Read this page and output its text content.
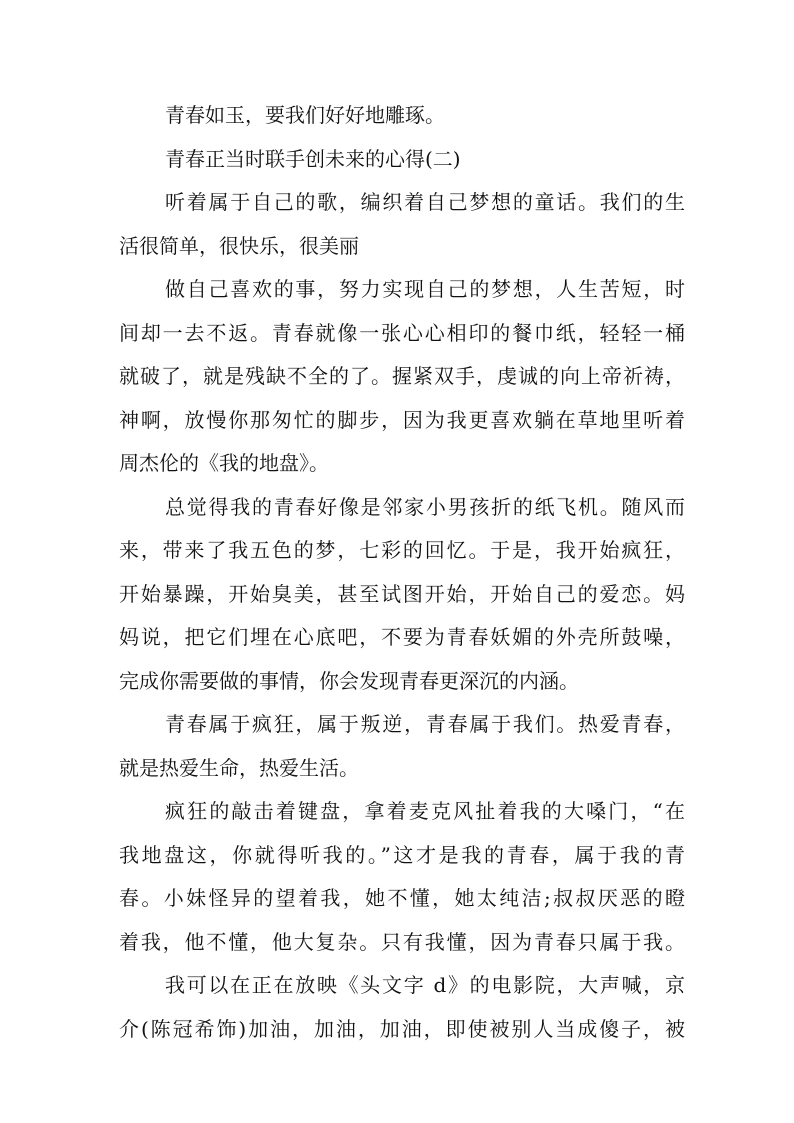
青春如玉，要我们好好地雕琢。
青春正当时联手创未来的心得(二)
听着属于自己的歌，编织着自己梦想的童话。我们的生
活很简单，很快乐，很美丽
做自己喜欢的事，努力实现自己的梦想，人生苦短，时
间却一去不返。青春就像一张心心相印的餐巾纸，轻轻一桶
就破了，就是残缺不全的了。握紧双手，虔诚的向上帝祈祷，
神啊，放慢你那匆忙的脚步，因为我更喜欢躺在草地里听着
周杰伦的《我的地盘》。
总觉得我的青春好像是邻家小男孩折的纸飞机。随风而
来，带来了我五色的梦，七彩的回忆。于是，我开始疯狂，
开始暴躁，开始臭美，甚至试图开始，开始自己的爱恋。妈
妈说，把它们埋在心底吧，不要为青春妖媚的外壳所鼓噪，
完成你需要做的事情，你会发现青春更深沉的内涵。
青春属于疯狂，属于叛逆，青春属于我们。热爱青春，
就是热爱生命，热爱生活。
疯狂的敲击着键盘，拿着麦克风扯着我的大嗓门，“在
我地盘这，你就得听我的。”这才是我的青春，属于我的青
春。小妹怪异的望着我，她不懂，她太纯洁;叔叔厌恶的瞪
着我，他不懂，他大复杂。只有我懂，因为青春只属于我。
我可以在正在放映《头文字 d》的电影院，大声喊，京
介(陈冠希饰)加油，加油，加油，即使被别人当成傻子，被
